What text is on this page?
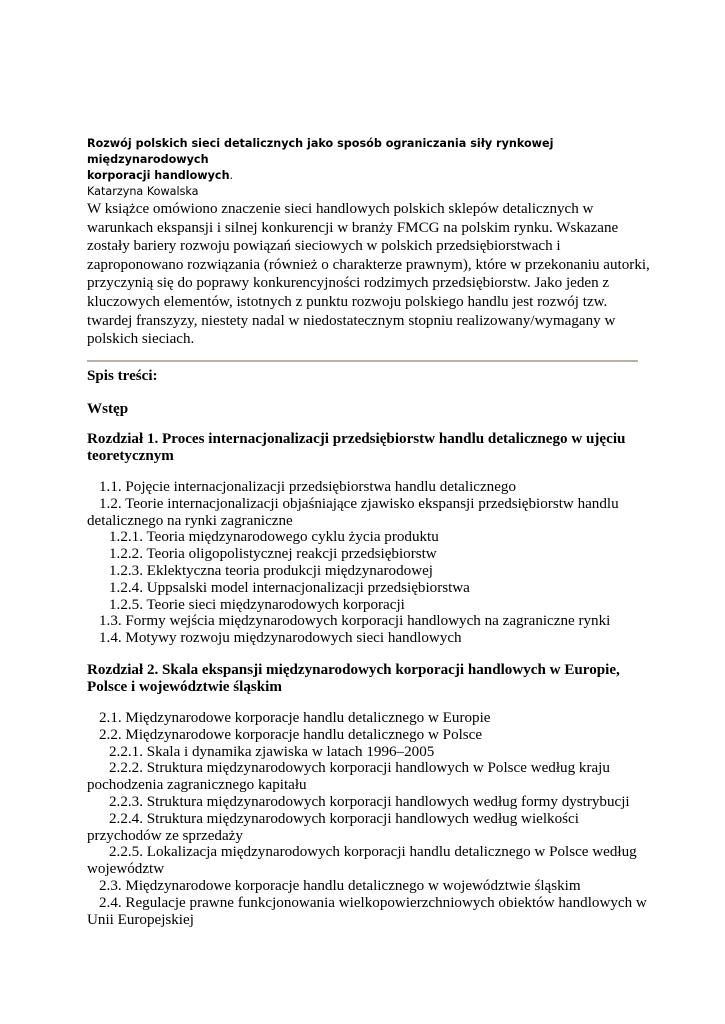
Rozwój polskich sieci detalicznych jako sposób ograniczania siły rynkowej międzynarodowych
korporacji handlowych.
Katarzyna Kowalska
W książce omówiono znaczenie sieci handlowych polskich sklepów detalicznych w
warunkach ekspansji i silnej konkurencji w branży FMCG na polskim rynku. Wskazane
zostały bariery rozwoju powiązań sieciowych w polskich przedsiębiorstwach i
zaproponowano rozwiązania (również o charakterze prawnym), które w przekonaniu autorki,
przyczynią się do poprawy konkurencyjności rodzimych przedsiębiorstw. Jako jeden z
kluczowych elementów, istotnych z punktu rozwoju polskiego handlu jest rozwój tzw.
twardej franszyzy, niestety nadal w niedostatecznym stopniu realizowany/wymagany w
polskich sieciach.
Spis treści:
Wstęp
Rozdział 1. Proces internacjonalizacji przedsiębiorstw handlu detalicznego w ujęciu
teoretycznym
1.1. Pojęcie internacjonalizacji przedsiębiorstwa handlu detalicznego
1.2. Teorie internacjonalizacji objaśniające zjawisko ekspansji przedsiębiorstw handlu
detalicznego na rynki zagraniczne
1.2.1. Teoria międzynarodowego cyklu życia produktu
1.2.2. Teoria oligopolistycznej reakcji przedsiębiorstw
1.2.3. Eklektyczna teoria produkcji międzynarodowej
1.2.4. Uppsalski model internacjonalizacji przedsiębiorstwa
1.2.5. Teorie sieci międzynarodowych korporacji
1.3. Formy wejścia międzynarodowych korporacji handlowych na zagraniczne rynki
1.4. Motywy rozwoju międzynarodowych sieci handlowych
Rozdział 2. Skala ekspansji międzynarodowych korporacji handlowych w Europie,
Polsce i województwie śląskim
2.1. Międzynarodowe korporacje handlu detalicznego w Europie
2.2. Międzynarodowe korporacje handlu detalicznego w Polsce
2.2.1. Skala i dynamika zjawiska w latach 1996–2005
2.2.2. Struktura międzynarodowych korporacji handlowych w Polsce według kraju
pochodzenia zagranicznego kapitału
2.2.3. Struktura międzynarodowych korporacji handlowych według formy dystrybucji
2.2.4. Struktura międzynarodowych korporacji handlowych według wielkości
przychodów ze sprzedaży
2.2.5. Lokalizacja międzynarodowych korporacji handlu detalicznego w Polsce według
województw
2.3. Międzynarodowe korporacje handlu detalicznego w województwie śląskim
2.4. Regulacje prawne funkcjonowania wielkopowierzchniowych obiektów handlowych w
Unii Europejskiej
